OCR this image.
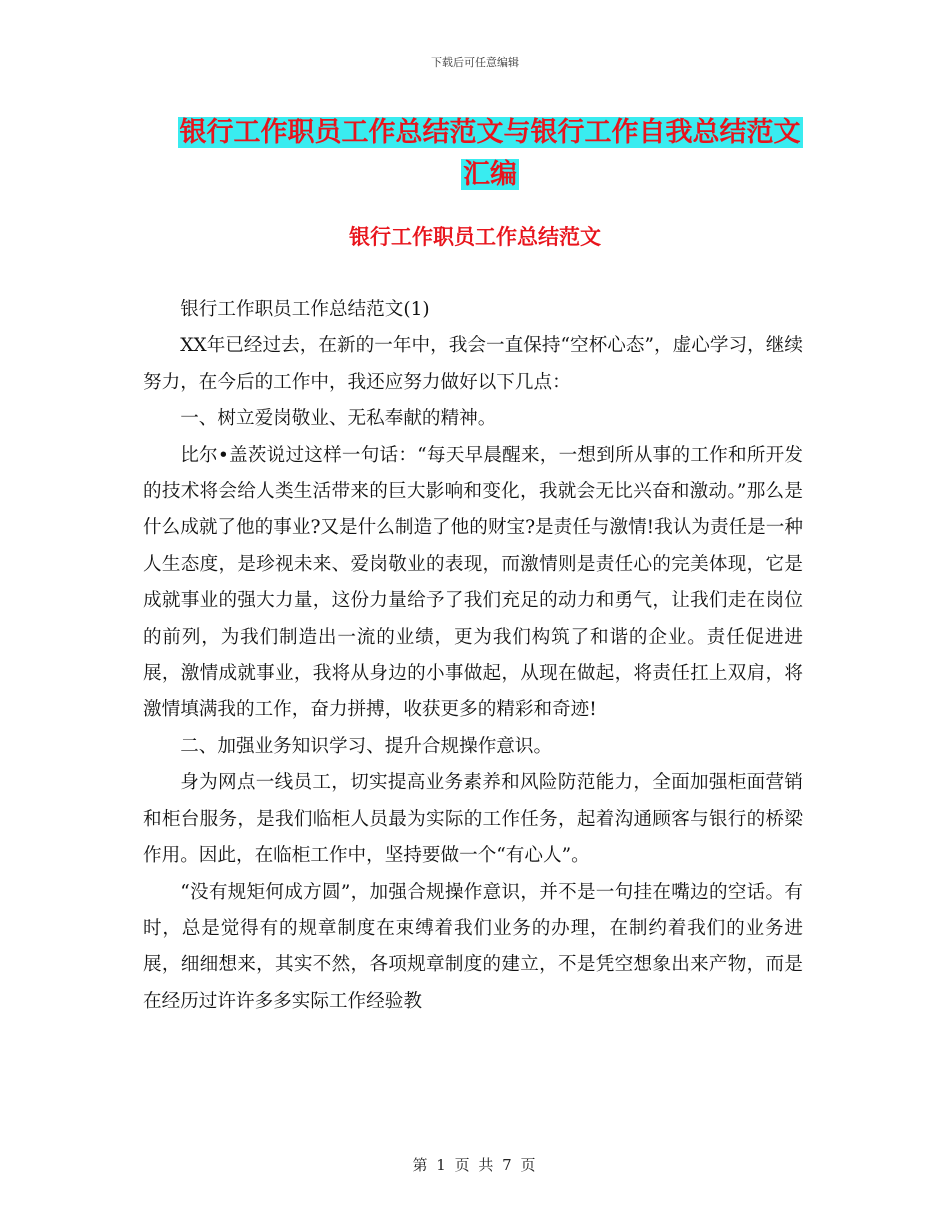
下载后可任意编辑
银行工作职员工作总结范文与银行工作自我总结范文
汇编
银行工作职员工作总结范文

银行工作职员工作总结范文(1)

XX年已经过去，在新的一年中，我会一直保持“空杯心态”，虚心学习，继续努力，在今后的工作中，我还应努力做好以下几点：

一、树立爱岗敬业、无私奉献的精神。

比尔•盖茨说过这样一句话：“每天早晨醒来，一想到所从事的工作和所开发的技术将会给人类生活带来的巨大影响和变化，我就会无比兴奋和激动。”那么是什么成就了他的事业?又是什么制造了他的财宝?是责任与激情!我认为责任是一种人生态度，是珍视未来、爱岗敬业的表现，而激情则是责任心的完美体现，它是成就事业的强大力量，这份力量给予了我们充足的动力和勇气，让我们走在岗位的前列，为我们制造出一流的业绩，更为我们构筑了和谐的企业。责任促进进展，激情成就事业，我将从身边的小事做起，从现在做起，将责任扛上双肩，将激情填满我的工作，奋力拼搏，收获更多的精彩和奇迹!

二、加强业务知识学习、提升合规操作意识。

身为网点一线员工，切实提高业务素养和风险防范能力，全面加强柜面营销和柜台服务，是我们临柜人员最为实际的工作任务，起着沟通顾客与银行的桥梁作用。因此，在临柜工作中，坚持要做一个“有心人”。

“没有规矩何成方圆”，加强合规操作意识，并不是一句挂在嘴边的空话。有时，总是觉得有的规章制度在束缚着我们业务的办理，在制约着我们的业务进展，细细想来，其实不然，各项规章制度的建立，不是凭空想象出来产物，而是在经历过许许多多实际工作经验教

第 1 页 共 7 页
